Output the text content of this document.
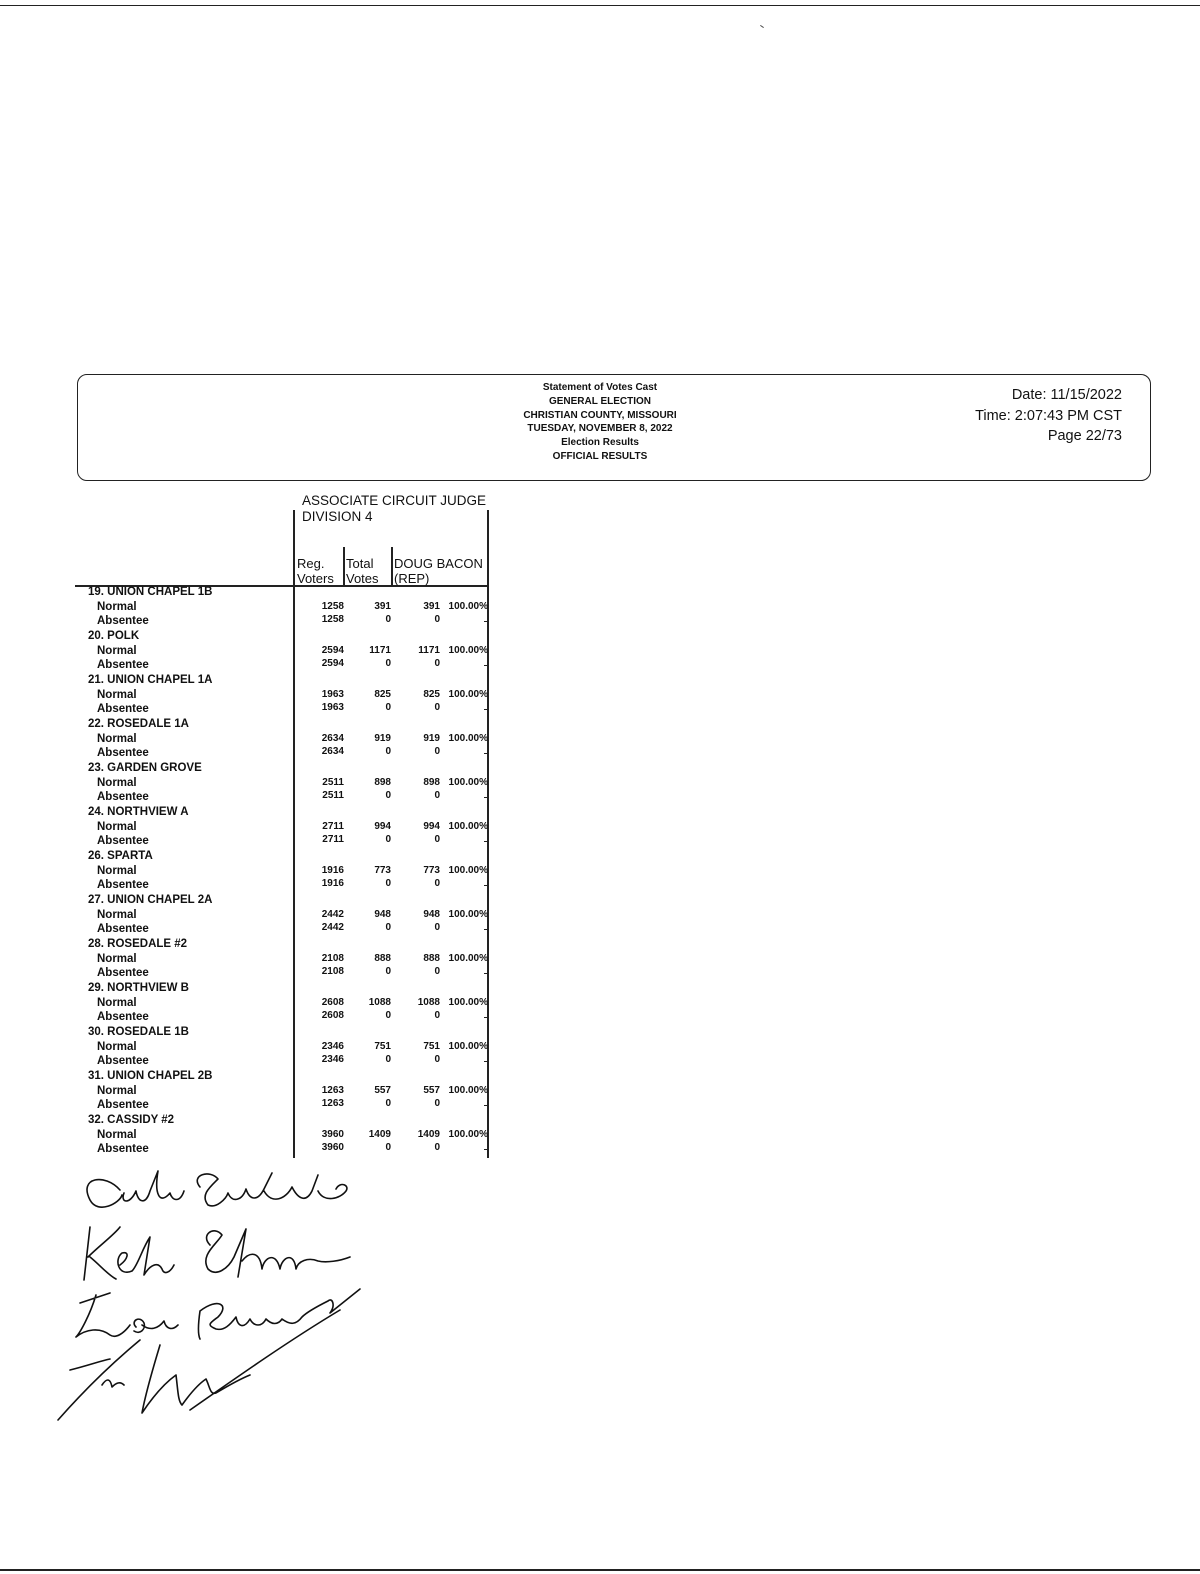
Statement of Votes Cast
GENERAL ELECTION
CHRISTIAN COUNTY, MISSOURI
TUESDAY, NOVEMBER 8, 2022
Election Results
OFFICIAL RESULTS
Date: 11/15/2022
Time: 2:07:43 PM CST
Page 22/73
ASSOCIATE CIRCUIT JUDGE
DIVISION 4
Reg.
Voters
Total
Votes
DOUG BACON
(REP)
19. UNION CHAPEL 1B
Normal	1258	391	391 100.00%
Absentee	1258	0	0
20. POLK
Normal	2594	1171	1171 100.00%
Absentee	2594	0	0
21. UNION CHAPEL 1A
Normal	1963	825	825 100.00%
Absentee	1963	0	0
22. ROSEDALE 1A
Normal	2634	919	919 100.00%
Absentee	2634	0	0
23. GARDEN GROVE
Normal	2511	898	898 100.00%
Absentee	2511	0	0
24. NORTHVIEW A
Normal	2711	994	994 100.00%
Absentee	2711	0	0
26. SPARTA
Normal	1916	773	773 100.00%
Absentee	1916	0	0
27. UNION CHAPEL 2A
Normal	2442	948	948 100.00%
Absentee	2442	0	0
28. ROSEDALE #2
Normal	2108	888	888 100.00%
Absentee	2108	0	0
29. NORTHVIEW B
Normal	2608	1088	1088 100.00%
Absentee	2608	0	0
30. ROSEDALE 1B
Normal	2346	751	751 100.00%
Absentee	2346	0	0
31. UNION CHAPEL 2B
Normal	1263	557	557 100.00%
Absentee	1263	0	0
32. CASSIDY #2
Normal	3960	1409	1409 100.00%
Absentee	3960	0	0
